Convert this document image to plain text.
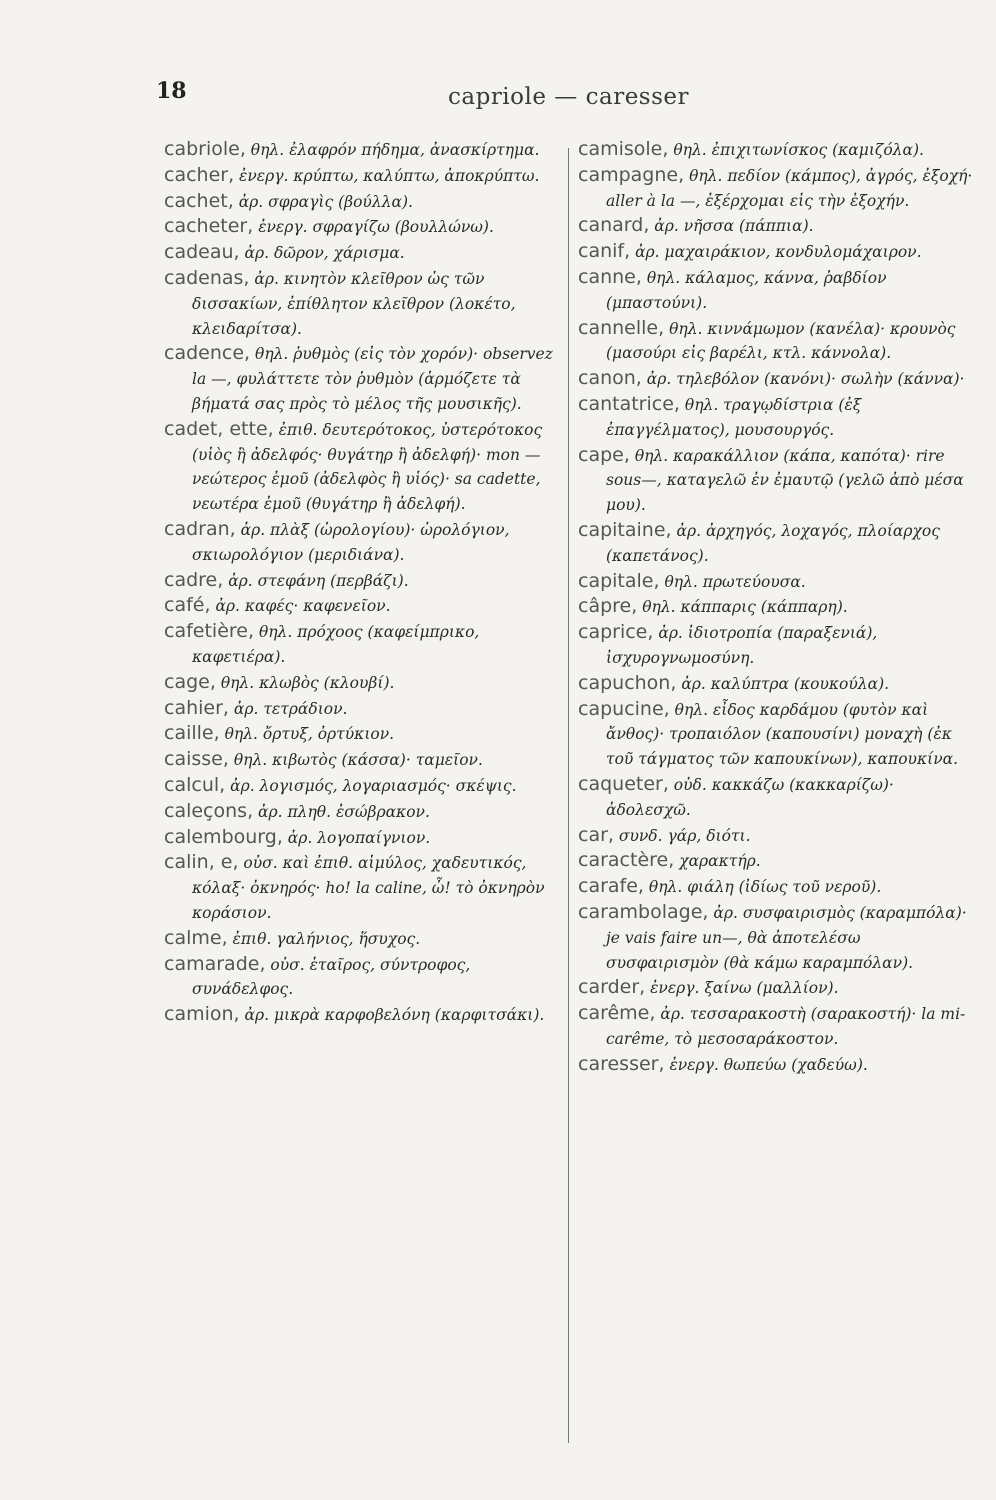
18	capriole — caresser

cabriole, θηλ. ἐλαφρόν πήδημα, ἀνασκίρτημα.

cacher, ἐνεργ. κρύπτω, καλύπτω, ἀποκρύπτω.

cachet, ἀρ. σφραγὶς (βούλλα).

cacheter, ἐνεργ. σφραγίζω (βουλλώνω).

cadeau, ἀρ. δῶρον, χάρισμα.

cadenas, ἀρ. κινητὸν κλεῖθρον ὡς τῶν δισσακίων, ἐπίθλητον κλεῖθρον (λοκέτο, κλειδαρίτσα).

cadence, θηλ. ῥυθμὸς (εἰς τὸν χορόν)· observez la —, φυλάττετε τὸν ῥυθμὸν (ἁρμόζετε τὰ βήματά σας πρὸς τὸ μέλος τῆς μουσικῆς).

cadet, ette, ἐπιθ. δευτερότοκος, ὑστερότοκος (υἱὸς ἢ ἀδελφός· θυγάτηρ ἢ ἀδελφή)· mon — νεώτερος ἐμοῦ (ἀδελφὸς ἢ υἱός)· sa cadette, νεωτέρα ἐμοῦ (θυγάτηρ ἢ ἀδελφή).

cadran, ἀρ. πλὰξ (ὡρολογίου)· ὡρολόγιον, σκιωρολόγιον (μεριδιάνα).

cadre, ἀρ. στεφάνη (περβάζι).

café, ἀρ. καφές· καφενεῖον.

cafetière, θηλ. πρόχοος (καφείμπρικο, καφετιέρα).

cage, θηλ. κλωβὸς (κλουβί).

cahier, ἀρ. τετράδιον.

caille, θηλ. ὄρτυξ, ὀρτύκιον.

caisse, θηλ. κιβωτὸς (κάσσα)· ταμεῖον.

calcul, ἀρ. λογισμός, λογαριασμός· σκέψις.

caleçons, ἀρ. πληθ. ἐσώβρακον.

calembourg, ἀρ. λογοπαίγνιον.

calin, e, οὐσ. καὶ ἐπιθ. αἱμύλος, χαδευτικός, κόλαξ· ὀκνηρός· ho! la caline, ὦ! τὸ ὀκνηρὸν κοράσιον.

calme, ἐπιθ. γαλήνιος, ἥσυχος.

camarade, οὐσ. ἑταῖρος, σύντροφος, συνάδελφος.

camion, ἀρ. μικρὰ καρφοβελόνη (καρφιτσάκι).

camisole, θηλ. ἐπιχιτωνίσκος (καμιζόλα).

campagne, θηλ. πεδίον (κάμπος), ἀγρός, ἐξοχή· aller à la —, ἐξέρχομαι εἰς τὴν ἐξοχήν.

canard, ἀρ. νῆσσα (πάππια).

canif, ἀρ. μαχαιράκιον, κονδυλομάχαιρον.

canne, θηλ. κάλαμος, κάννα, ῥαβδίον (μπαστούνι).

cannelle, θηλ. κιννάμωμον (κανέλα)· κρουνὸς (μασούρι εἰς βαρέλι, κτλ. κάννολα).

canon, ἀρ. τηλεβόλον (κανόνι)· σωλὴν (κάννα)·

cantatrice, θηλ. τραγῳδίστρια (ἐξ ἐπαγγέλματος), μουσουργός.

cape, θηλ. καρακάλλιον (κάπα, καπότα)· rire sous—, καταγελῶ ἐν ἐμαυτῷ (γελῶ ἀπὸ μέσα μου).

capitaine, ἀρ. ἀρχηγός, λοχαγός, πλοίαρχος (καπετάνος).

capitale, θηλ. πρωτεύουσα.

câpre, θηλ. κάππαρις (κάππαρη).

caprice, ἀρ. ἰδιοτροπία (παραξενιά), ἰσχυρογνωμοσύνη.

capuchon, ἀρ. καλύπτρα (κουκούλα).

capucine, θηλ. εἶδος καρδάμου (φυτὸν καὶ ἄνθος)· τροπαιόλον (καπουσίνι) μοναχὴ (ἐκ τοῦ τάγματος τῶν καπουκίνων), καπουκίνα.

caqueter, οὐδ. κακκάζω (κακκαρίζω)· ἀδολεσχῶ.

car, συνδ. γάρ, διότι.

caractère, χαρακτήρ.

carafe, θηλ. φιάλη (ἰδίως τοῦ νεροῦ).

carambolage, ἀρ. συσφαιρισμὸς (καραμπόλα)· je vais faire un—, θὰ ἀποτελέσω συσφαιρισμὸν (θὰ κάμω καραμπόλαν).

carder, ἐνεργ. ξαίνω (μαλλίον).

carême, ἀρ. τεσσαρακοστὴ (σαρακοστή)· la mi-carême, τὸ μεσοσαράκοστον.

caresser, ἐνεργ. θωπεύω (χαδεύω).
